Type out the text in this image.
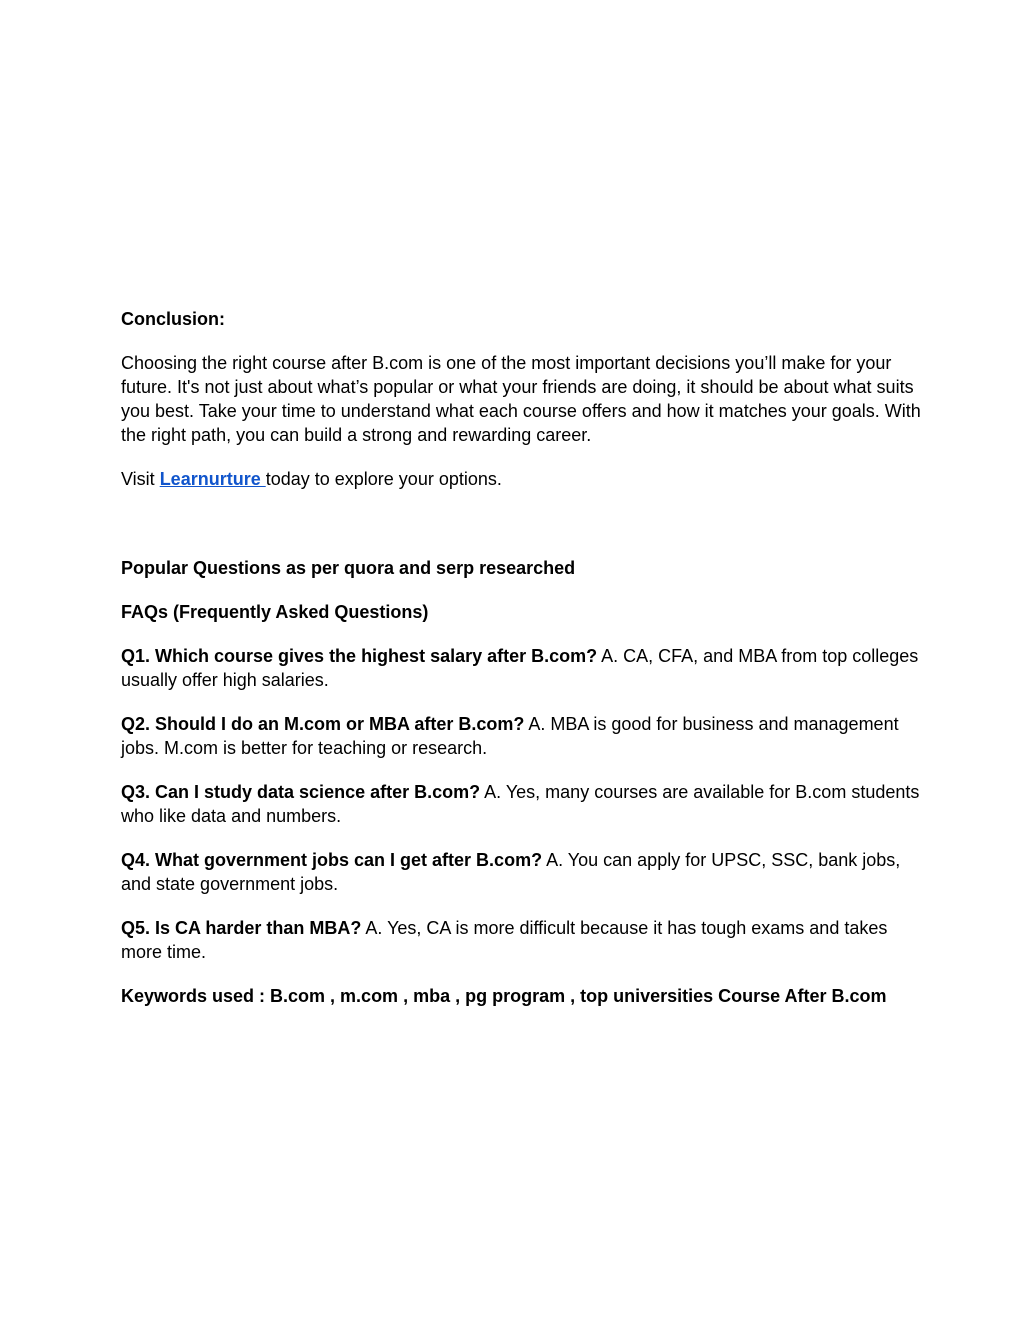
Conclusion:

Choosing the right course after B.com is one of the most important decisions you’ll make for your future. It's not just about what’s popular or what your friends are doing, it should be about what suits you best. Take your time to understand what each course offers and how it matches your goals. With the right path, you can build a strong and rewarding career.

Visit Learnurture today to explore your options.

Popular Questions as per quora and serp researched

FAQs (Frequently Asked Questions)

Q1. Which course gives the highest salary after B.com? A. CA, CFA, and MBA from top colleges usually offer high salaries.

Q2. Should I do an M.com or MBA after B.com? A. MBA is good for business and management jobs. M.com is better for teaching or research.

Q3. Can I study data science after B.com? A. Yes, many courses are available for B.com students who like data and numbers.

Q4. What government jobs can I get after B.com? A. You can apply for UPSC, SSC, bank jobs, and state government jobs.

Q5. Is CA harder than MBA? A. Yes, CA is more difficult because it has tough exams and takes more time.

Keywords used : B.com , m.com , mba , pg program , top universities Course After B.com
